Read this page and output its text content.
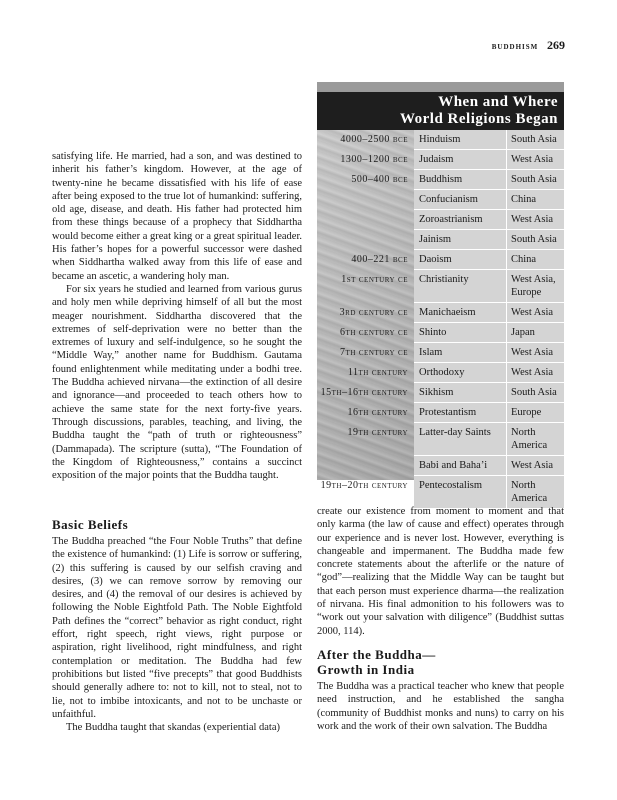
buddhism 269
When and Where
World Religions Began
4000–2500 bce	Hinduism	South Asia
1300–1200 bce	Judaism	West Asia
500–400 bce	Buddhism	South Asia
	Confucianism	China
	Zoroastrianism	West Asia
	Jainism	South Asia
400–221 bce	Daoism	China
1st century ce	Christianity	West Asia, Europe
3rd century ce	Manichaeism	West Asia
6th century ce	Shinto	Japan
7th century ce	Islam	West Asia
11th century	Orthodoxy	West Asia
15th–16th century	Sikhism	South Asia
16th century	Protestantism	Europe
19th century	Latter-day Saints	North America
	Babi and Baha’i	West Asia
19th–20th century	Pentecostalism	North America

satisfying life. He married, had a son, and was destined to inherit his father’s kingdom. However, at the age of twenty-nine he became dissatisfied with his life of ease after being exposed to the true lot of humankind: suffering, old age, disease, and death. His father had protected him from these things because of a prophecy that Siddhartha would become either a great king or a great spiritual leader. His father’s hopes for a powerful successor were dashed when Siddhartha walked away from this life of ease and became an ascetic, a wandering holy man.

For six years he studied and learned from various gurus and holy men while depriving himself of all but the most meager nourishment. Siddhartha discovered that the extremes of self-deprivation were no better than the extremes of luxury and self-indulgence, so he sought the “Middle Way,” another name for Buddhism. Gautama found enlightenment while meditating under a bodhi tree. The Buddha achieved nirvana—the extinction of all desire and ignorance—and proceeded to teach others how to achieve the same state for the next forty-five years. Through discussions, parables, teaching, and living, the Buddha taught the “path of truth or righteousness” (Dammapada). The scripture (sutta), “The Foundation of the Kingdom of Righteousness,” contains a succinct exposition of the major points that the Buddha taught.

Basic Beliefs

The Buddha preached “the Four Noble Truths” that define the existence of humankind: (1) Life is sorrow or suffering, (2) this suffering is caused by our selfish craving and desires, (3) we can remove sorrow by removing our desires, and (4) the removal of our desires is achieved by following the Noble Eightfold Path. The Noble Eightfold Path defines the “correct” behavior as right conduct, right effort, right speech, right views, right purpose or aspiration, right livelihood, right mindfulness, and right contemplation or meditation. The Buddha had few prohibitions but listed “five precepts” that good Buddhists should generally adhere to: not to kill, not to steal, not to lie, not to imbibe intoxicants, and not to be unchaste or unfaithful.

The Buddha taught that skandas (experiential data)

create our existence from moment to moment and that only karma (the law of cause and effect) operates through our experience and is never lost. However, everything is changeable and impermanent. The Buddha made few concrete statements about the afterlife or the nature of “god”—realizing that the Middle Way can be taught but that each person must experience dharma—the realization of nirvana. His final admonition to his followers was to “work out your salvation with diligence” (Buddhist suttas 2000, 114).

After the Buddha—
Growth in India

The Buddha was a practical teacher who knew that people need instruction, and he established the sangha (community of Buddhist monks and nuns) to carry on his work and the work of their own salvation. The Buddha
